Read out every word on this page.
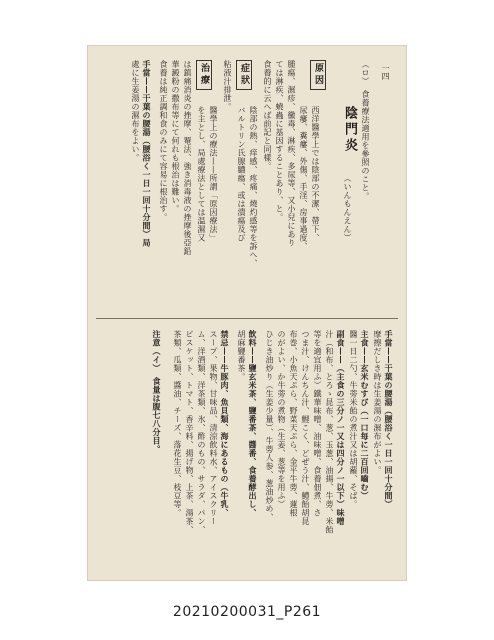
一四
（ロ）　食養療法適用を參照のこと。
陰門炎
（いんもんえん）
原因
西洋醫學上では陰部の不潔、帶下、
尿瘻、糞瘻、外傷、手淫、房事過度、
腫瘍、濕疹、黴毒、淋疾、多尿等、又小兒にあり
ては淋疾、蟯蟲に基因することあり、と。
食養的に云へば前記と同樣。
症狀
陰部の熱、痒感、疼痛、燒灼感等を訴へ、
バルトリン氏腺膿瘍、或は潰瘍及び
粘液汁排泄。
治療
醫學上の療法——所謂「原因療法」
を主とし、局處療法としては温濕又
は鎮痛消炎の挫摩、罨法、強き消毒液の挫摩後亞鉛
華澱粉の撒布等にて何れも根治は難い。
食養は純正調和食のみにて容易に根治す。
手當——干葉の腰湯（腰浴く一日一回十分間）局
處に生姜湯の濕布をよい。
手當——干葉の腰湯（腰浴く一日一回十分間）
摩擦だしき時は生姜湯の濕布がよい。
主食——玄米むすび（一口每に二百回嚙む）
醫一日二勺、牛蒡米飴の煮汁又は胡蘿、そば。
副食——（主食の三分ノ一又は四分ノ一以下）味噌
汁（和布、とろゝ昆布、葱、玉葱、油揚、牛蒡、米飴
等を適宜用ふ）鐵華味噌、油味噌、食養佃煮、さ
つま汁、けんちん汁、鯉こく、どぜう汁、鱧飴胡昆
布巻、小魚天ぷら、野菜天ぷら、金平牛蒡、蓮根
のがよい、か牛蒡の煮物（生姜、葱等を用ふ）
ひじき油炒り（生姜少量）、牛蒡人参、葱油炒め、
飲料——鹽玄米茶、鹽番茶、醬番、食養酵出し、
胡麻鹽番茶。
禁忌——牛豚肉、魚貝類、海にあるもの（牛乳、
スープ、果物、甘味品、清涼飲料水、アイスクリー
ム、洋酒類、洋茶類、氷、酢のもの、サラダ、パン、
ビスケット、トマト、香辛料、揚げ物、上茶、湯茶、
茶類、瓜類、醬油、チーズ、落花生豆、枝豆等。
注意（イ）　食量は腹七八分目。
20210200031_P261
